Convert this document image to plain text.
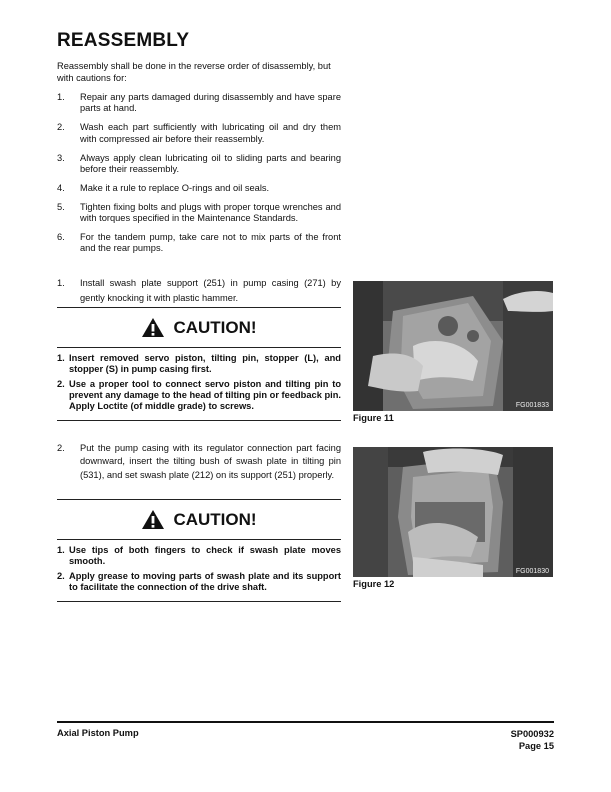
REASSEMBLY
Reassembly shall be done in the reverse order of disassembly, but with cautions for:
1.	Repair any parts damaged during disassembly and have spare parts at hand.
2.	Wash each part sufficiently with lubricating oil and dry them with compressed air before their reassembly.
3.	Always apply clean lubricating oil to sliding parts and bearing before their reassembly.
4.	Make it a rule to replace O-rings and oil seals.
5.	Tighten fixing bolts and plugs with proper torque wrenches and with torques specified in the Maintenance Standards.
6.	For the tandem pump, take care not to mix parts of the front and the rear pumps.
1.	Install swash plate support (251) in pump casing (271) by gently knocking it with plastic hammer.
CAUTION!
1. Insert removed servo piston, tilting pin, stopper (L), and stopper (S) in pump casing first.
2. Use a proper tool to connect servo piston and tilting pin to prevent any damage to the head of tilting pin or feedback pin. Apply Loctite (of middle grade) to screws.	FG001833
Figure 11
2.	Put the pump casing with its regulator connection part facing downward, insert the tilting bush of swash plate in tilting pin (531), and set swash plate (212) on its support (251) properly.
CAUTION!
1. Use tips of both fingers to check if swash plate moves smooth.
2. Apply grease to moving parts of swash plate and its support to facilitate the connection of the drive shaft.
FG001830
Figure 12
Axial Piston Pump	SP000932
Page 15
